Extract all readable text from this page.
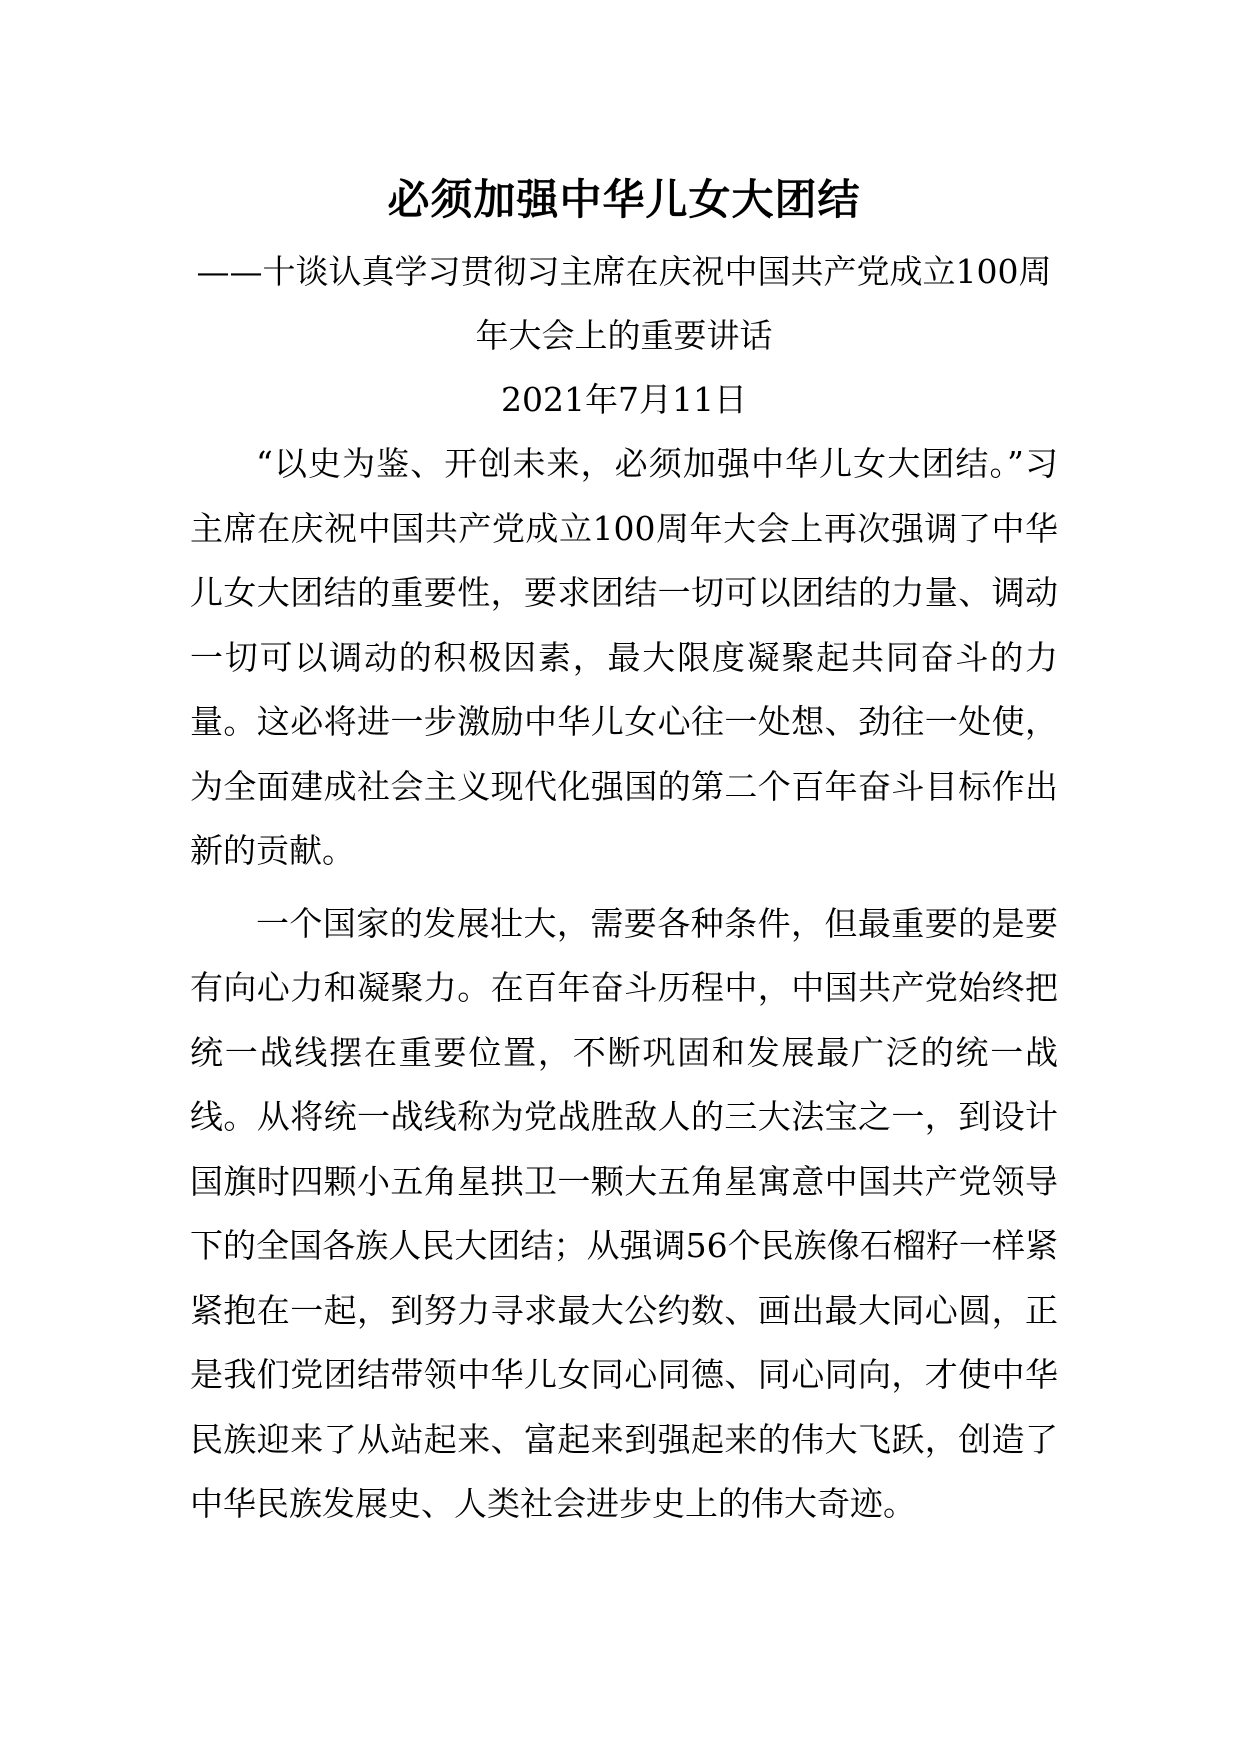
必须加强中华儿女大团结

——十谈认真学习贯彻习主席在庆祝中国共产党成立100周年大会上的重要讲话

2021年7月11日

“以史为鉴、开创未来，必须加强中华儿女大团结。”习主席在庆祝中国共产党成立100周年大会上再次强调了中华儿女大团结的重要性，要求团结一切可以团结的力量、调动一切可以调动的积极因素，最大限度凝聚起共同奋斗的力量。这必将进一步激励中华儿女心往一处想、劲往一处使，为全面建成社会主义现代化强国的第二个百年奋斗目标作出新的贡献。

一个国家的发展壮大，需要各种条件，但最重要的是要有向心力和凝聚力。在百年奋斗历程中，中国共产党始终把统一战线摆在重要位置，不断巩固和发展最广泛的统一战线。从将统一战线称为党战胜敌人的三大法宝之一，到设计国旗时四颗小五角星拱卫一颗大五角星寓意中国共产党领导下的全国各族人民大团结；从强调56个民族像石榴籽一样紧紧抱在一起，到努力寻求最大公约数、画出最大同心圆，正是我们党团结带领中华儿女同心同德、同心同向，才使中华民族迎来了从站起来、富起来到强起来的伟大飞跃，创造了中华民族发展史、人类社会进步史上的伟大奇迹。
